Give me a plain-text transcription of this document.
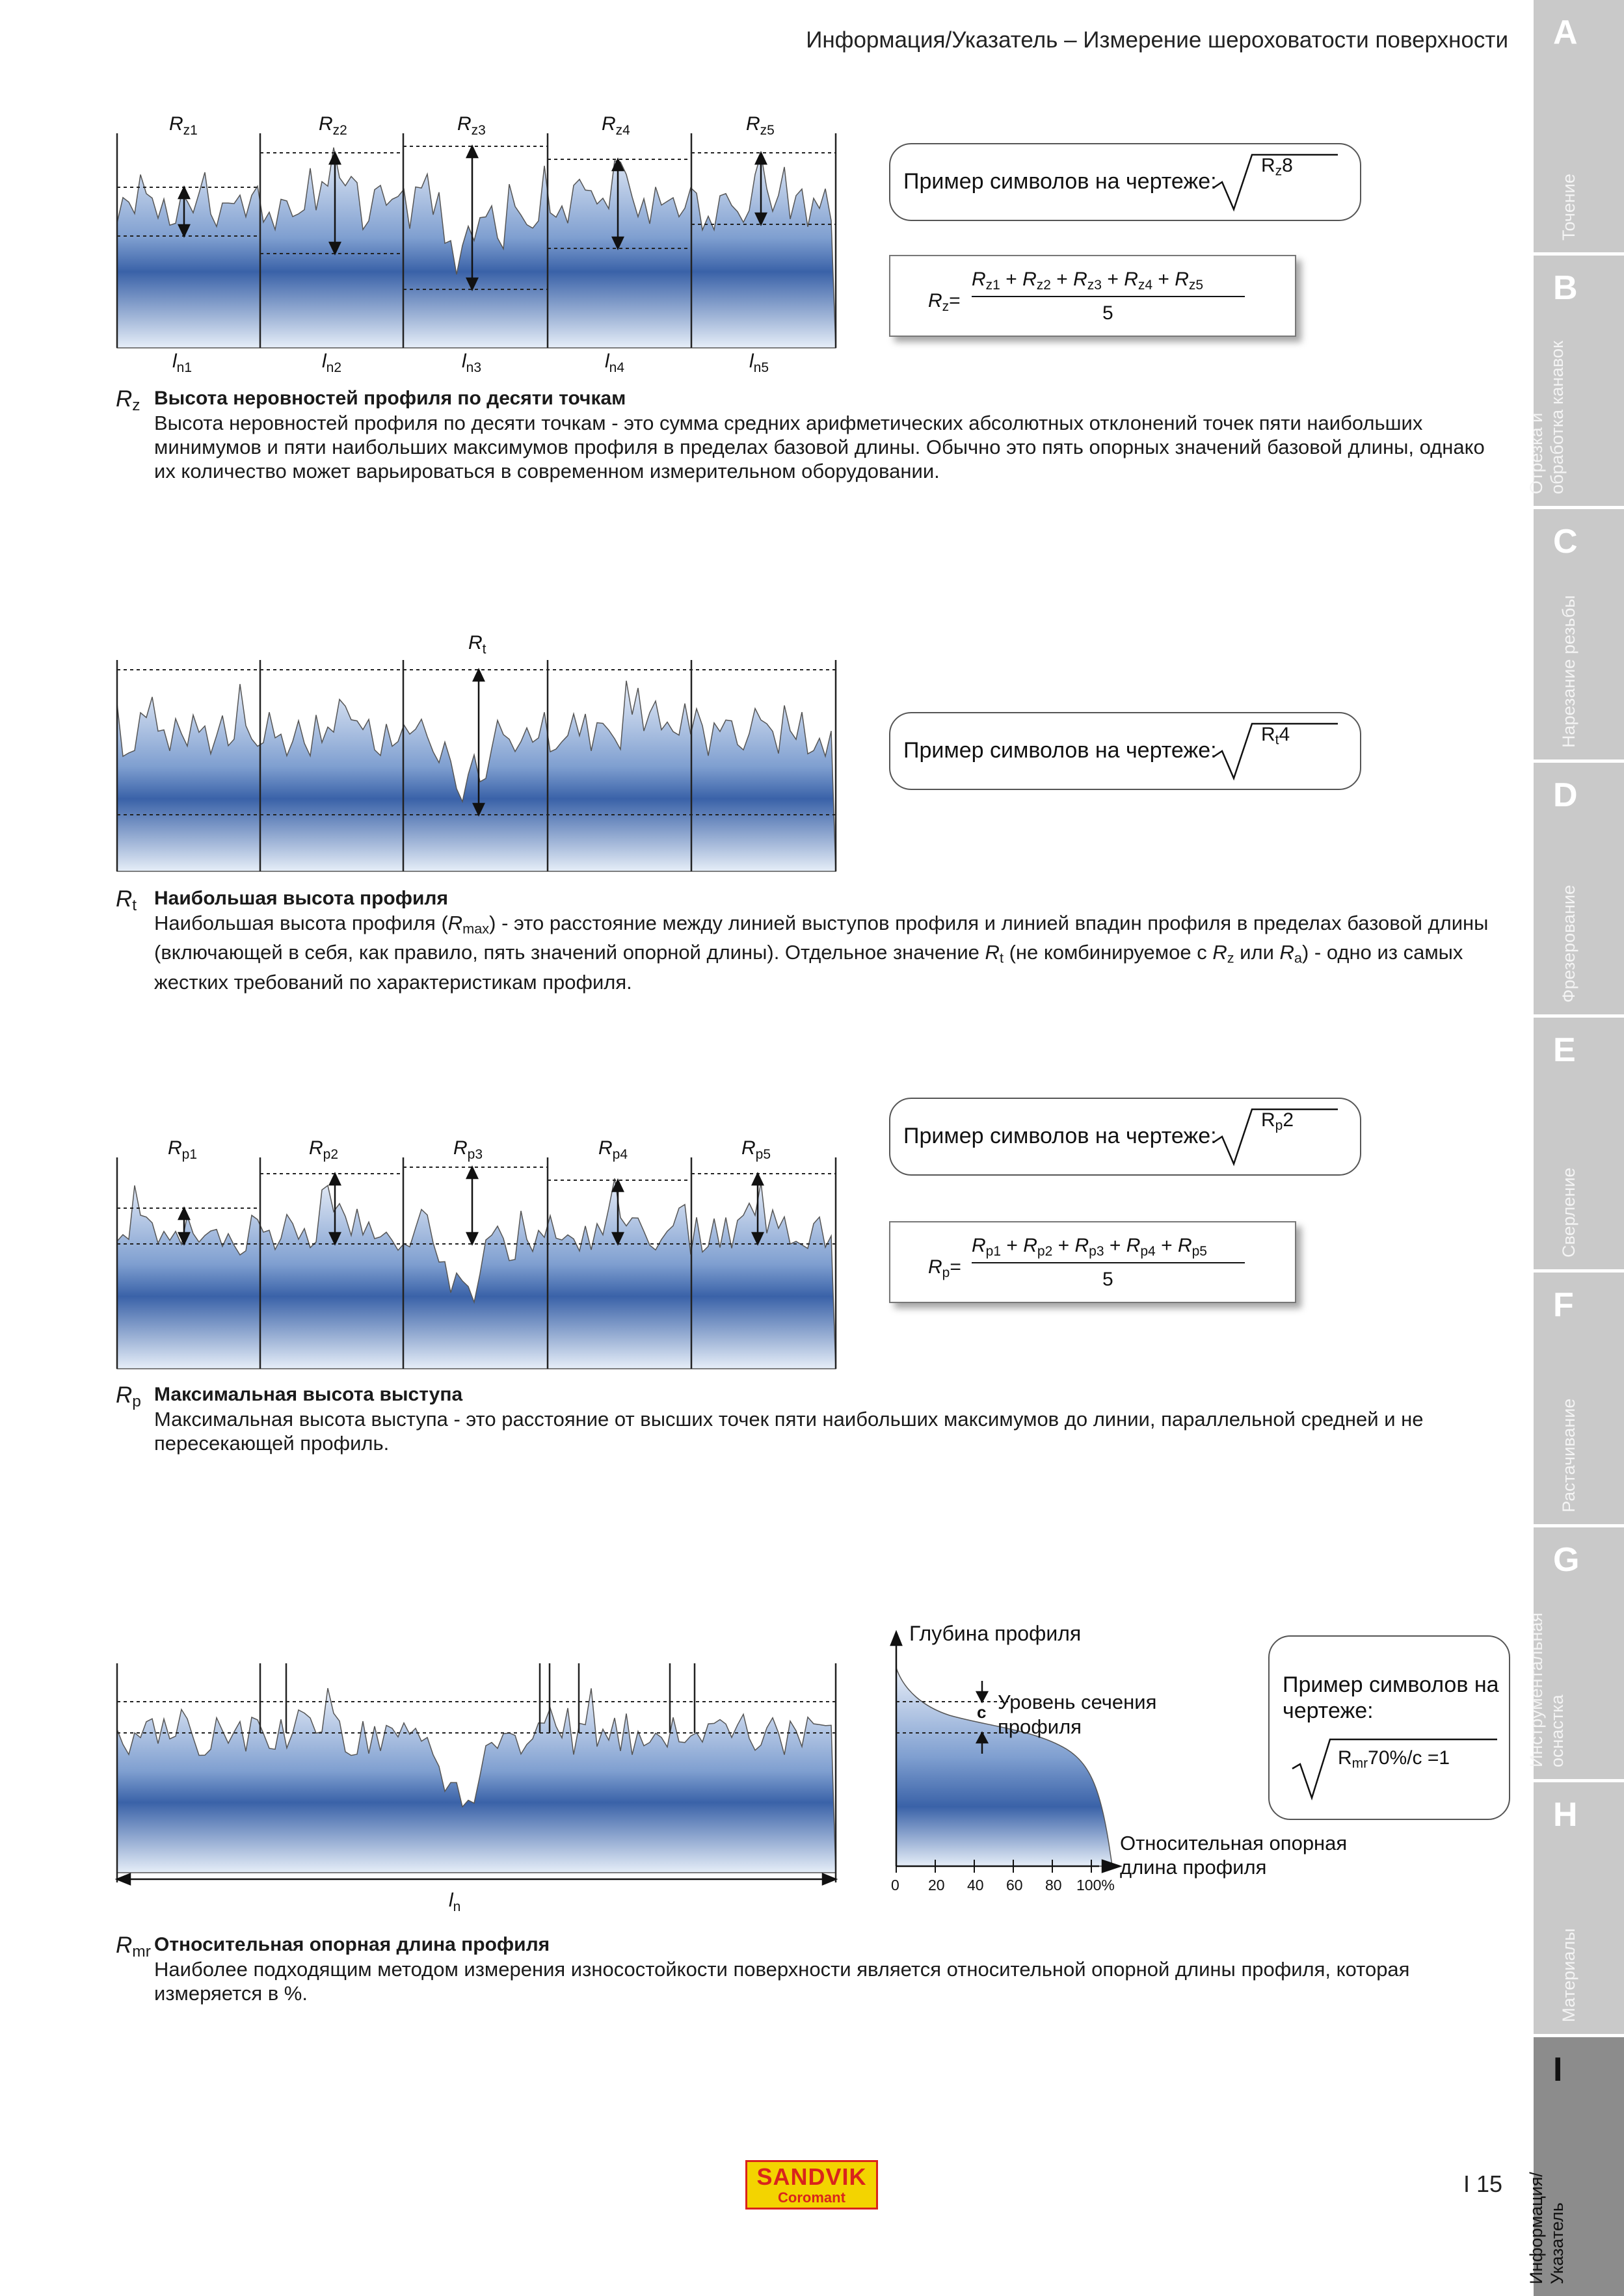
Информация/Указатель – Измерение шероховатости поверхности A
Точение
B
Отрезка и
обработка канавок
C
Нарезание резьбы
D
Фрезерование
E
Сверление
F
Растачивание
G
Инструментальная
оснастка
H
Материалы
I
Информация/
Указатель
$R_{z1}$	$R_{z2}$	$R_{z3}$	$R_{z4}$	$R_{z5}$
$l_{n1}$	$l_{n2}$	$l_{n3}$	$l_{n4}$	$l_{n5}$
Пример символов на чертеже:
$R_z8$
$R_z=$
$R_{z1} + R_{z2} + R_{z3} + R_{z4} + R_{z5}$
5
$R_z$ Высота неровностей профиля по десяти точкам
Высота неровностей профиля по десяти точкам - это сумма средних арифметических абсолютных отклонений точек пяти наибольших минимумов и пяти наибольших максимумов профиля в пределах базовой длины. Обычно это пять опорных значений базовой длины, однако их количество может варьироваться в современном измерительном оборудовании.
$R_t$
Пример символов на чертеже:
$R_t4$
$R_t$ Наибольшая высота профиля
Наибольшая высота профиля $(R_{max})$ - это расстояние между линией выступов профиля и линией впадин профиля в пределах базовой длины (включающей в себя, как правило, пять значений опорной длины). Отдельное значение $R_t$ (не комбинируемое с $R_z$ или $R_a$) - одно из самых жестких требований по характеристикам профиля.
$R_{p1}$	$R_{p2}$	$R_{p3}$	$R_{p4}$	$R_{p5}$
Пример символов на чертеже:
$R_p2$
$R_p=$
$R_{p1} + R_{p2} + R_{p3} + R_{p4} + R_{p5}$
5
$R_p$ Максимальная высота выступа
Максимальная высота выступа - это расстояние от высших точек пяти наибольших максимумов до линии, параллельной средней и не пересекающей профиль.
$l_n$
0 20 40 60 80 100%
c
Глубина профиля
Уровень сечения
профиля
Относительная опорная
длина профиля
Пример символов на
чертеже:
$R_{mr}70\%/c =1$
$R_{mr}$ Относительная опорная длина профиля
Наиболее подходящим методом измерения износостойкости поверхности является относительной опорной длины профиля, которая измеряется в %.
SANDVIK
Coromant
I 15
